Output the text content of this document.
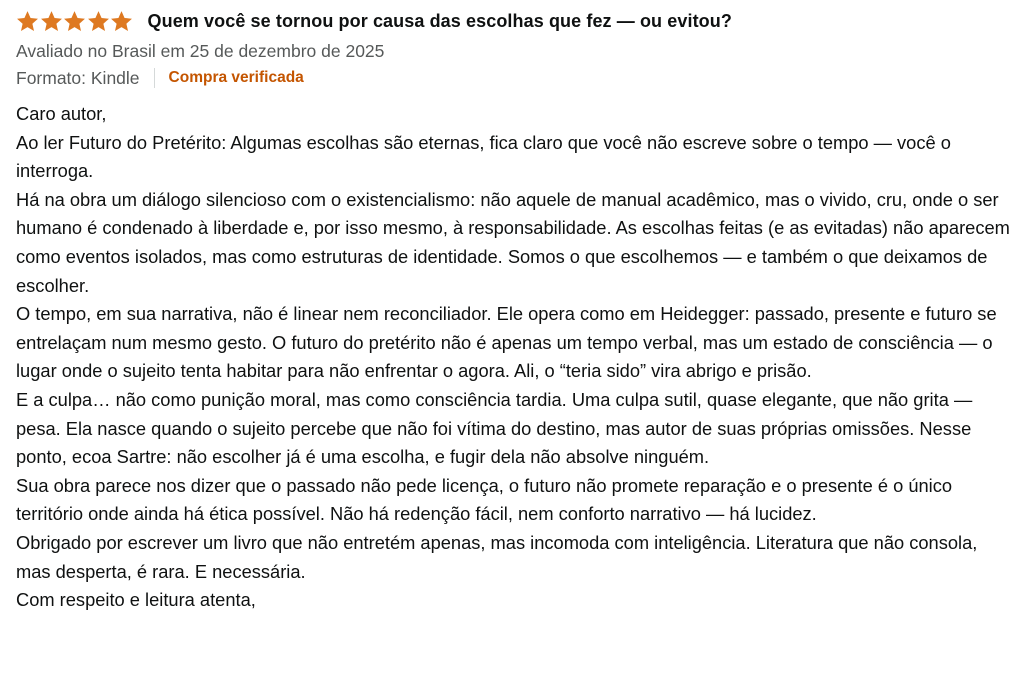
Quem você se tornou por causa das escolhas que fez — ou evitou?
Avaliado no Brasil em 25 de dezembro de 2025
Formato: Kindle Compra verificada

Caro autor,

Ao ler Futuro do Pretérito: Algumas escolhas são eternas, fica claro que você não escreve sobre o tempo — você o interroga.

Há na obra um diálogo silencioso com o existencialismo: não aquele de manual acadêmico, mas o vivido, cru, onde o ser humano é condenado à liberdade e, por isso mesmo, à responsabilidade. As escolhas feitas (e as evitadas) não aparecem como eventos isolados, mas como estruturas de identidade. Somos o que escolhemos — e também o que deixamos de escolher.

O tempo, em sua narrativa, não é linear nem reconciliador. Ele opera como em Heidegger: passado, presente e futuro se entrelaçam num mesmo gesto. O futuro do pretérito não é apenas um tempo verbal, mas um estado de consciência — o lugar onde o sujeito tenta habitar para não enfrentar o agora. Ali, o “teria sido” vira abrigo e prisão.

E a culpa… não como punição moral, mas como consciência tardia. Uma culpa sutil, quase elegante, que não grita — pesa. Ela nasce quando o sujeito percebe que não foi vítima do destino, mas autor de suas próprias omissões. Nesse ponto, ecoa Sartre: não escolher já é uma escolha, e fugir dela não absolve ninguém.

Sua obra parece nos dizer que o passado não pede licença, o futuro não promete reparação e o presente é o único território onde ainda há ética possível. Não há redenção fácil, nem conforto narrativo — há lucidez.

Obrigado por escrever um livro que não entretém apenas, mas incomoda com inteligência. Literatura que não consola, mas desperta, é rara. E necessária.

Com respeito e leitura atenta,
